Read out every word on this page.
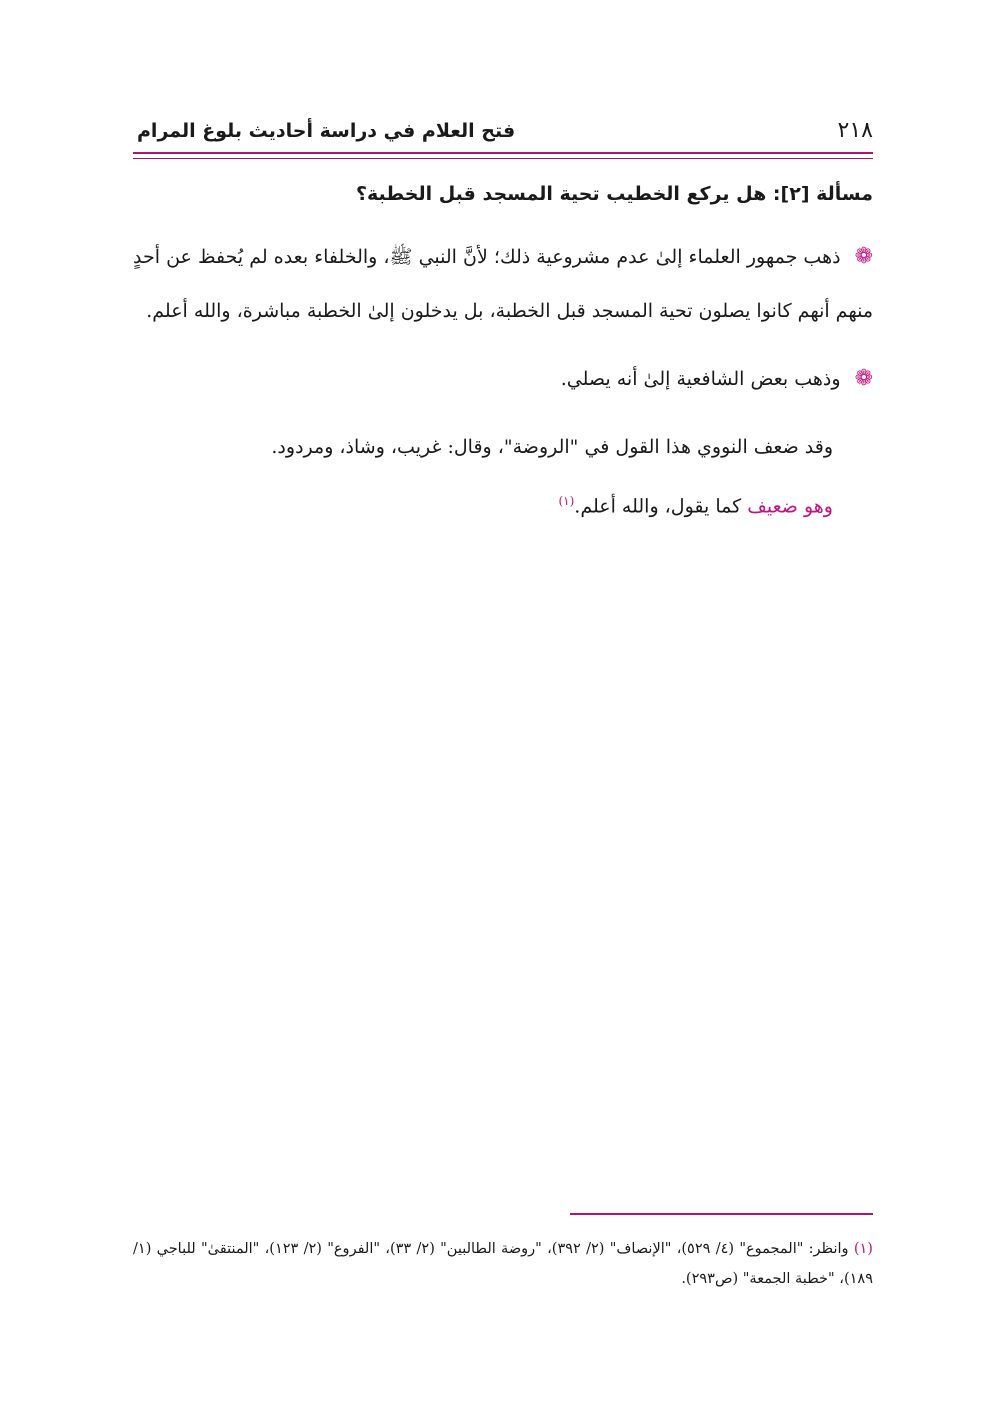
٢١٨
فتح العلام في دراسة أحاديث بلوغ المرام
مسألة [٢]: هل يركع الخطيب تحية المسجد قبل الخطبة؟
❁ذهب جمهور العلماء إلىٰ عدم مشروعية ذلك؛ لأنَّ النبي ﷺ، والخلفاء بعده لم يُحفظ عن أحدٍ منهم أنهم كانوا يصلون تحية المسجد قبل الخطبة، بل يدخلون إلىٰ الخطبة مباشرة، والله أعلم.
❁وذهب بعض الشافعية إلىٰ أنه يصلي.
وقد ضعف النووي هذا القول في "الروضة"، وقال: غريب، وشاذ، ومردود.
وهو ضعيف كما يقول، والله أعلم.$^{(١)}$
(١) وانظر: "المجموع" (٤/ ٥٢٩)، "الإنصاف" (٢/ ٣٩٢)، "روضة الطالبين" (٢/ ٣٣)، "الفروع" (٢/ ١٢٣)، "المنتقىٰ" للباجي (١/ ١٨٩)، "خطبة الجمعة" (ص٢٩٣).
